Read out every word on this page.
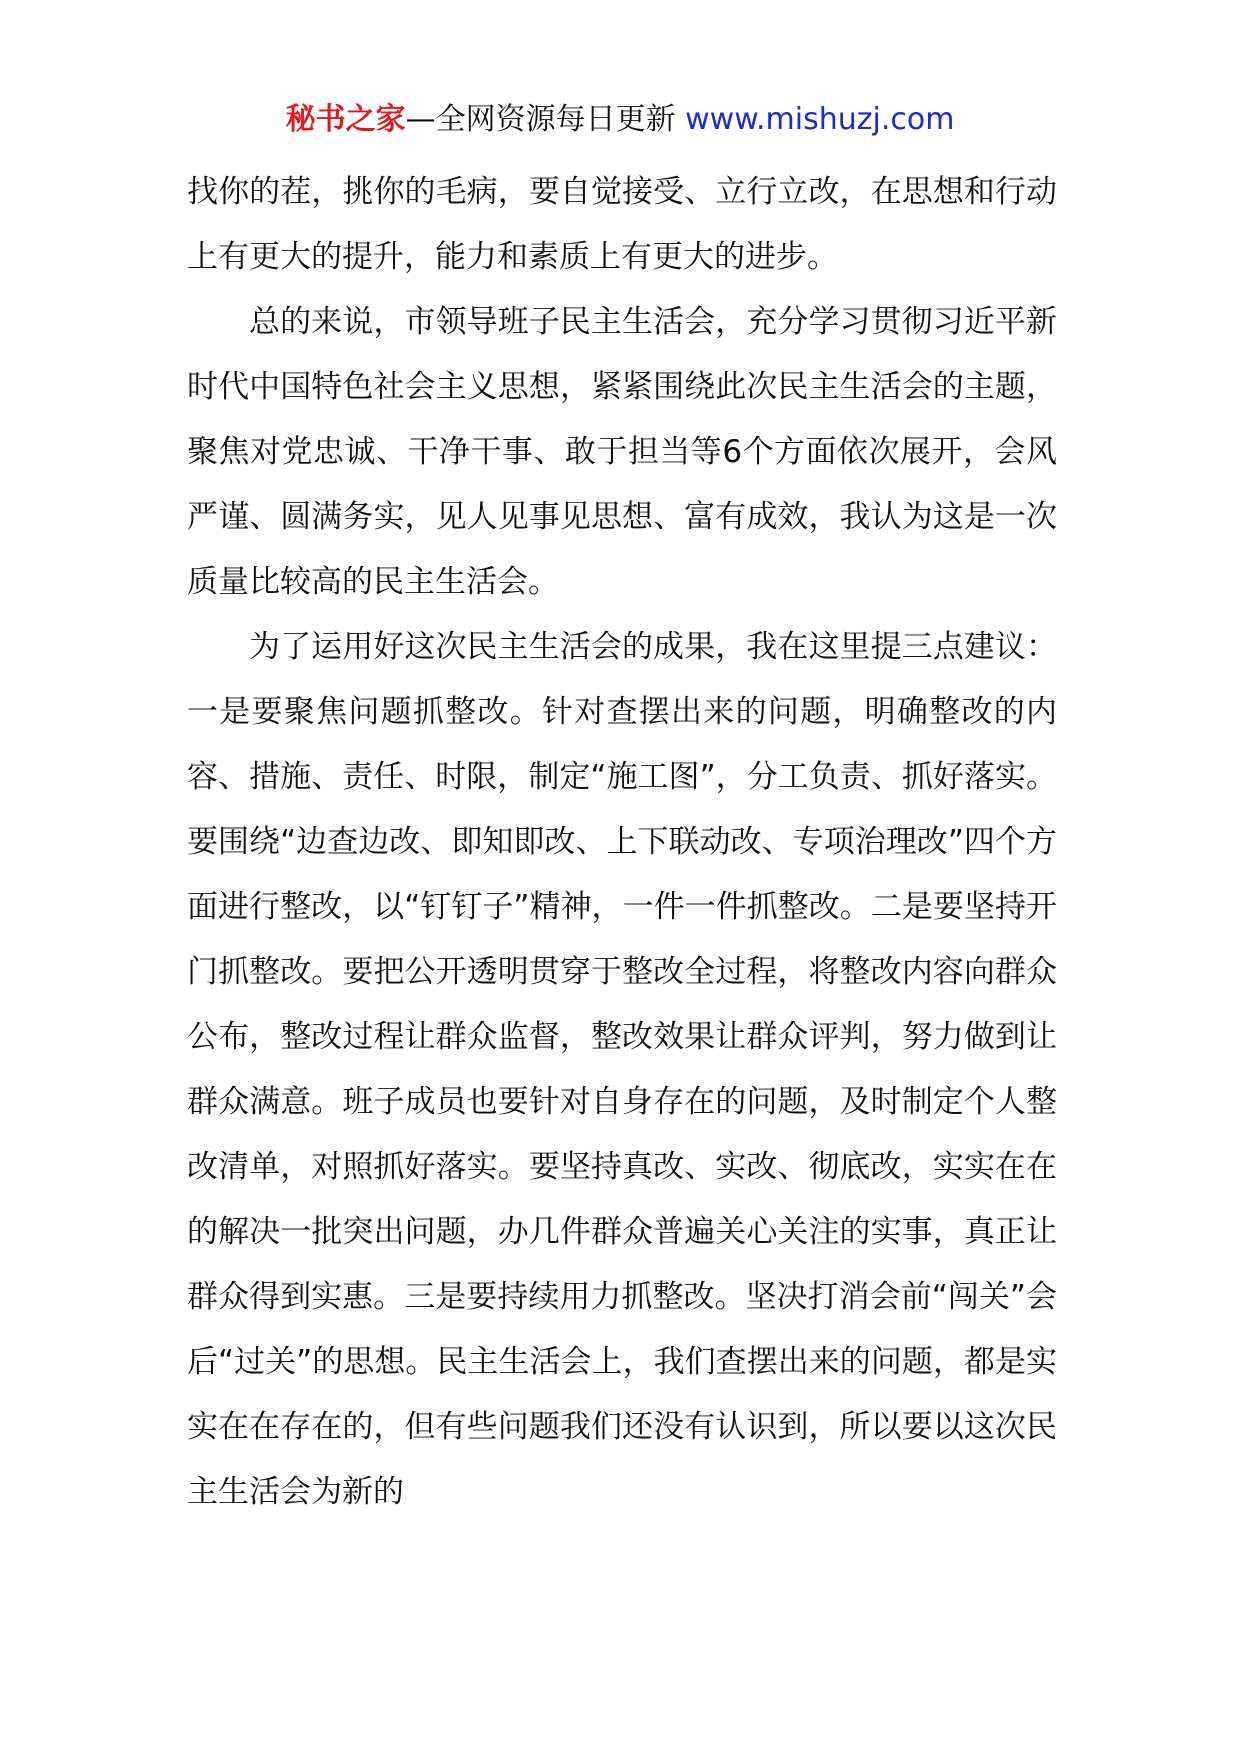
秘书之家—全网资源每日更新 www.mishuzj.com

找你的茬，挑你的毛病，要自觉接受、立行立改，在思想和行动上有更大的提升，能力和素质上有更大的进步。

总的来说，市领导班子民主生活会，充分学习贯彻习近平新时代中国特色社会主义思想，紧紧围绕此次民主生活会的主题，聚焦对党忠诚、干净干事、敢于担当等6个方面依次展开，会风严谨、圆满务实，见人见事见思想、富有成效，我认为这是一次质量比较高的民主生活会。

为了运用好这次民主生活会的成果，我在这里提三点建议：一是要聚焦问题抓整改。针对查摆出来的问题，明确整改的内容、措施、责任、时限，制定“施工图”，分工负责、抓好落实。要围绕“边查边改、即知即改、上下联动改、专项治理改”四个方面进行整改，以“钉钉子”精神，一件一件抓整改。二是要坚持开门抓整改。要把公开透明贯穿于整改全过程，将整改内容向群众公布，整改过程让群众监督，整改效果让群众评判，努力做到让群众满意。班子成员也要针对自身存在的问题，及时制定个人整改清单，对照抓好落实。要坚持真改、实改、彻底改，实实在在的解决一批突出问题，办几件群众普遍关心关注的实事，真正让群众得到实惠。三是要持续用力抓整改。坚决打消会前“闯关”会后“过关”的思想。民主生活会上，我们查摆出来的问题，都是实实在在存在的，但有些问题我们还没有认识到，所以要以这次民主生活会为新的
